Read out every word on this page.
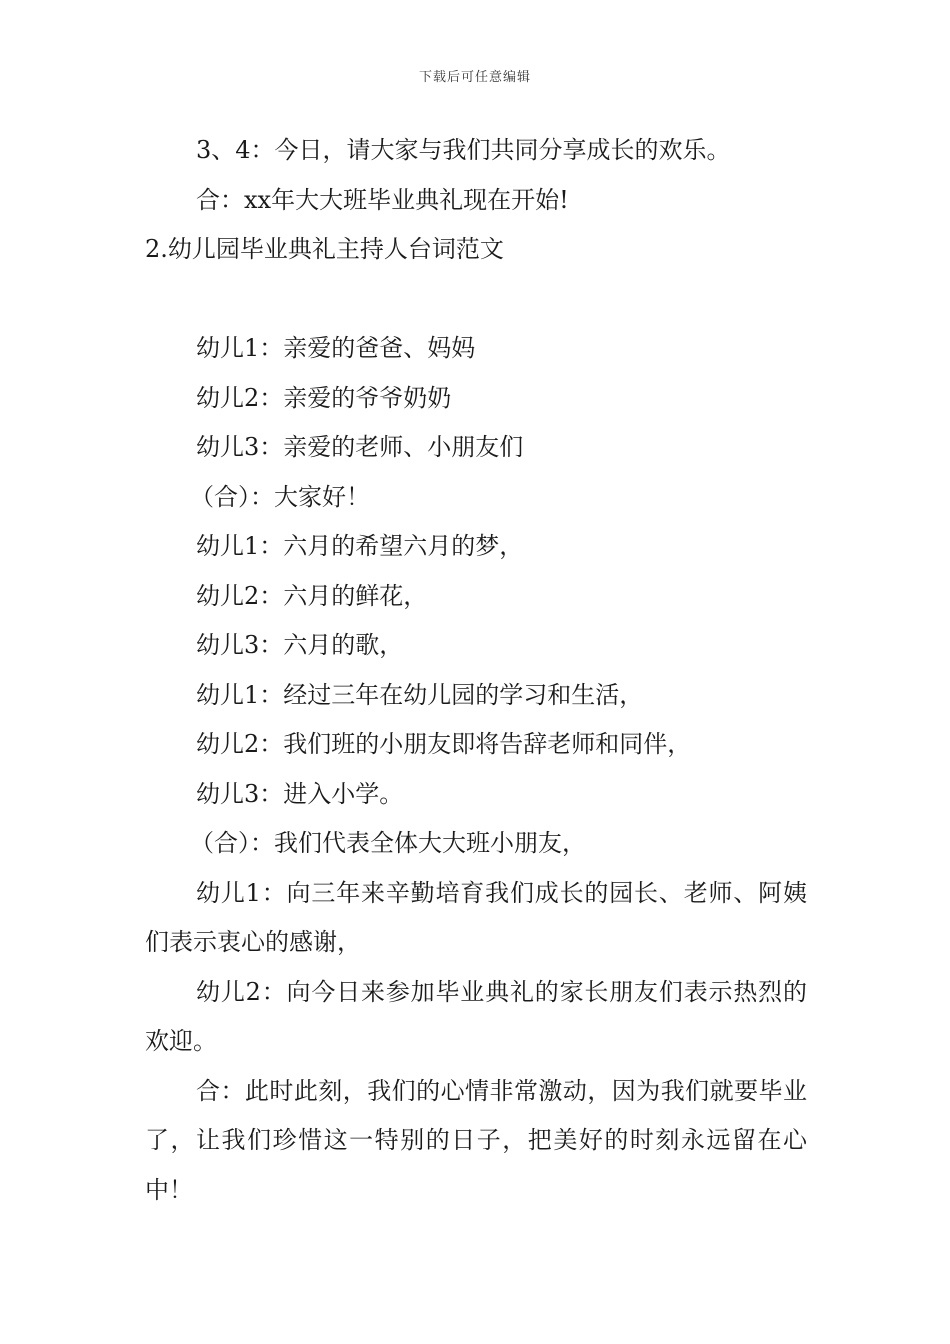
下载后可任意编辑

3、4：今日，请大家与我们共同分享成长的欢乐。

合：xx年大大班毕业典礼现在开始!

2.幼儿园毕业典礼主持人台词范文

幼儿1：亲爱的爸爸、妈妈

幼儿2：亲爱的爷爷奶奶

幼儿3：亲爱的老师、小朋友们

（合）：大家好！

幼儿1：六月的希望六月的梦，

幼儿2：六月的鲜花，

幼儿3：六月的歌，

幼儿1：经过三年在幼儿园的学习和生活，

幼儿2：我们班的小朋友即将告辞老师和同伴，

幼儿3：进入小学。

（合）：我们代表全体大大班小朋友，

幼儿1：向三年来辛勤培育我们成长的园长、老师、阿姨们表示衷心的感谢，

幼儿2：向今日来参加毕业典礼的家长朋友们表示热烈的欢迎。

合：此时此刻，我们的心情非常激动，因为我们就要毕业了，让我们珍惜这一特别的日子，把美好的时刻永远留在心中！
